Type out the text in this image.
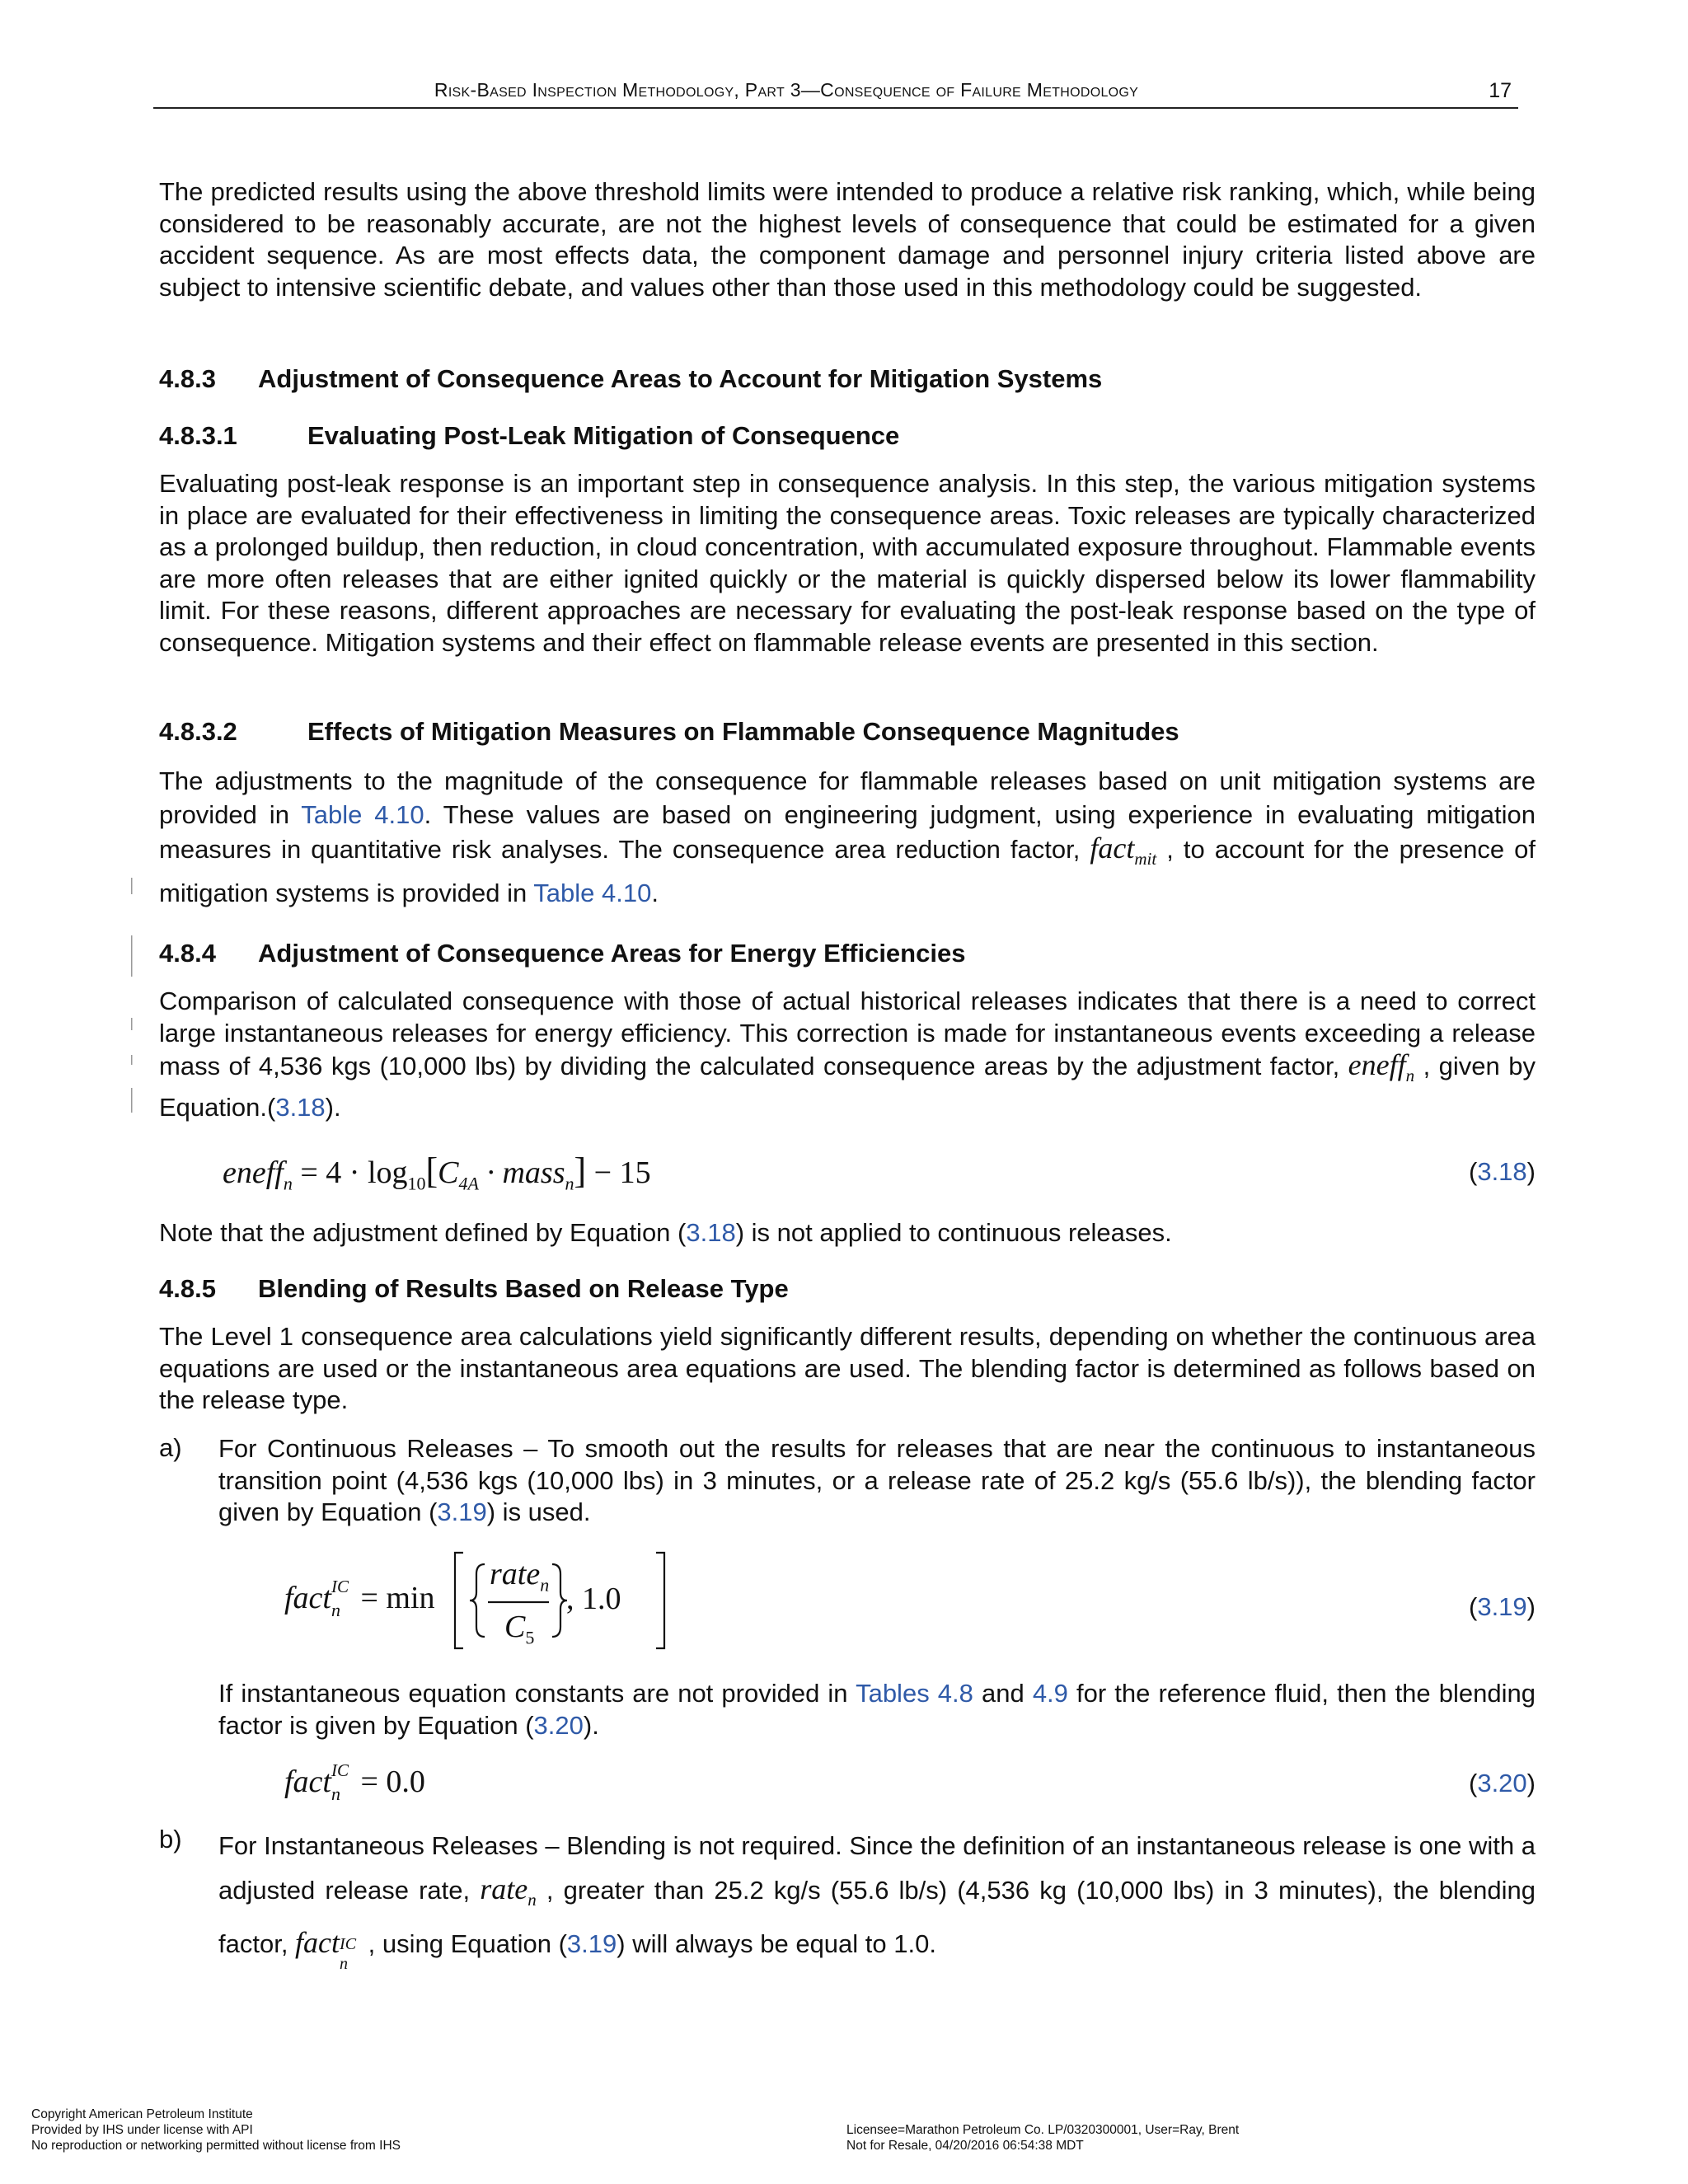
Risk-Based Inspection Methodology, Part 3—Consequence of Failure Methodology	17

The predicted results using the above threshold limits were intended to produce a relative risk ranking, which, while being considered to be reasonably accurate, are not the highest levels of consequence that could be estimated for a given accident sequence. As are most effects data, the component damage and personnel injury criteria listed above are subject to intensive scientific debate, and values other than those used in this methodology could be suggested.

4.8.3 Adjustment of Consequence Areas to Account for Mitigation Systems
4.8.3.1	Evaluating Post-Leak Mitigation of Consequence

Evaluating post-leak response is an important step in consequence analysis. In this step, the various mitigation systems in place are evaluated for their effectiveness in limiting the consequence areas. Toxic releases are typically characterized as a prolonged buildup, then reduction, in cloud concentration, with accumulated exposure throughout. Flammable events are more often releases that are either ignited quickly or the material is quickly dispersed below its lower flammability limit. For these reasons, different approaches are necessary for evaluating the post-leak response based on the type of consequence. Mitigation systems and their effect on flammable release events are presented in this section.

4.8.3.2	Effects of Mitigation Measures on Flammable Consequence Magnitudes

The adjustments to the magnitude of the consequence for flammable releases based on unit mitigation systems are provided in Table 4.10. These values are based on engineering judgment, using experience in evaluating mitigation measures in quantitative risk analyses. The consequence area reduction factor, fact$_{mit}$ , to account for the presence of mitigation systems is provided in Table 4.10.

4.8.4 Adjustment of Consequence Areas for Energy Efficiencies

Comparison of calculated consequence with those of actual historical releases indicates that there is a need to correct large instantaneous releases for energy efficiency. This correction is made for instantaneous events exceeding a release mass of 4,536 kgs (10,000 lbs) by dividing the calculated consequence areas by the adjustment factor, eneff$_n$ , given by Equation.(3.18).

eneff$_n$ = $4 \cdot \log_{10}[C_{4A}$ · mass$_n$] − 15	(3.18)

Note that the adjustment defined by Equation (3.18) is not applied to continuous releases.

4.8.5 Blending of Results Based on Release Type

The Level 1 consequence area calculations yield significantly different results, depending on whether the continuous area equations are used or the instantaneous area equations are used. The blending factor is determined as follows based on the release type.

a) For Continuous Releases – To smooth out the results for releases that are near the continuous to instantaneous transition point (4,536 kgs (10,000 lbs) in 3 minutes, or a release rate of 25.2 kg/s (55.6 lb/s)), the blending factor given by Equation (3.19) is used.

fact IC
n = min
rate$_n$
$C_5$
, 1.0	(3.19)

If instantaneous equation constants are not provided in Tables 4.8 and 4.9 for the reference fluid, then the blending factor is given by Equation (3.20).

fact IC
n = 0.0	(3.20)
b) For Instantaneous Releases – Blending is not required. Since the definition of an instantaneous release is one with a adjusted release rate, rate$_n$ , greater than 25.2 kg/s (55.6 lb/s) (4,536 kg (10,000 lbs) in 3 minutes), the blending factor, fact IC
n
, using Equation (3.19) will always be equal to 1.0.

Copyright American Petroleum Institute
Provided by IHS under license with API
No reproduction or networking permitted without license from IHS
Licensee=Marathon Petroleum Co. LP/0320300001, User=Ray, Brent
Not for Resale, 04/20/2016 06:54:38 MDT
